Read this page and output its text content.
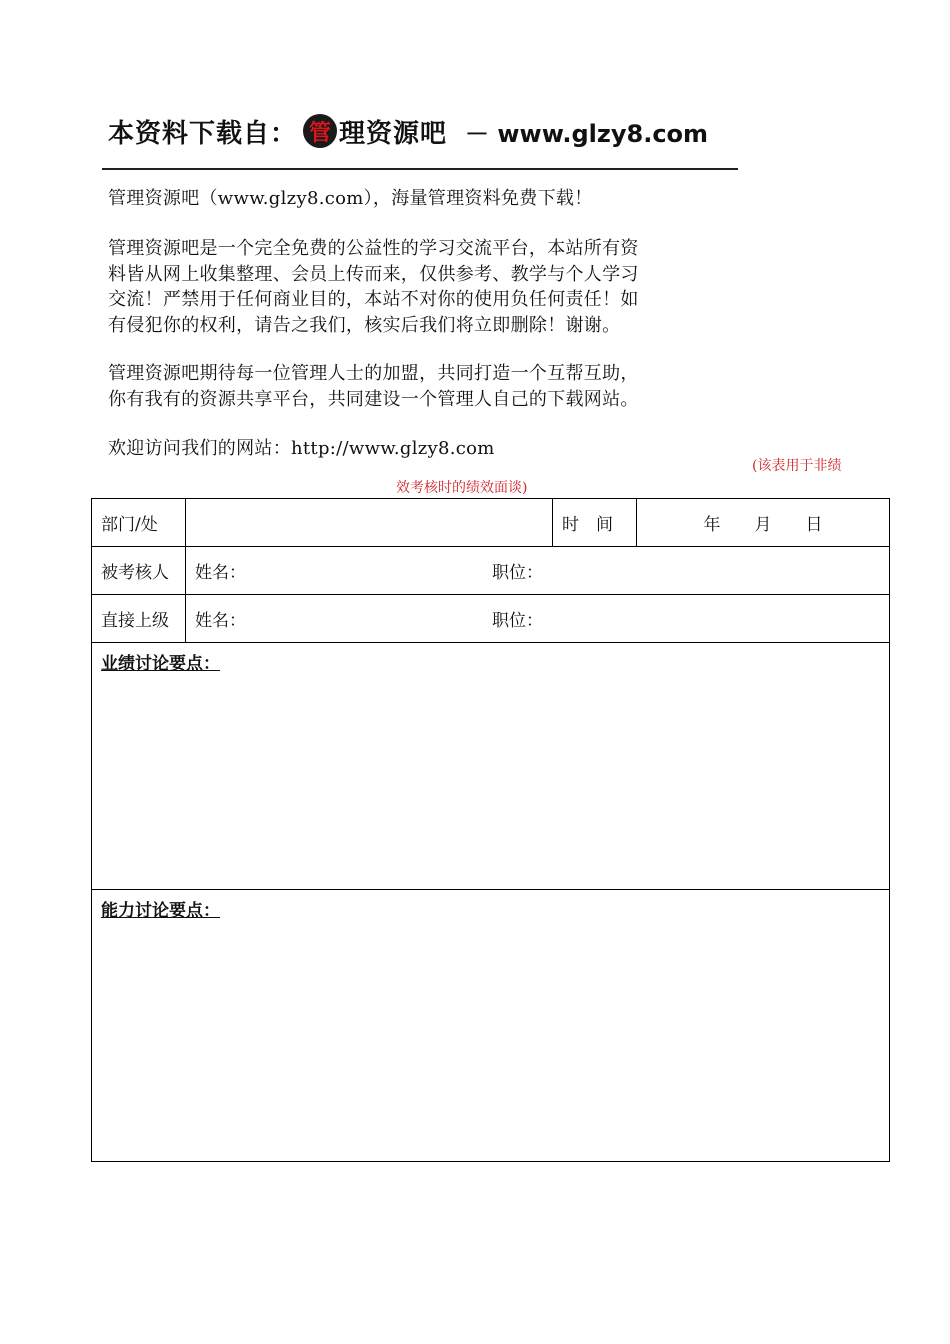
本资料下载自： 管 理资源吧 － www.glzy8.com

管理资源吧（www.glzy8.com），海量管理资料免费下载！

管理资源吧是一个完全免费的公益性的学习交流平台，本站所有资

料皆从网上收集整理、会员上传而来，仅供参考、教学与个人学习

交流！严禁用于任何商业目的，本站不对你的使用负任何责任！如

有侵犯你的权利，请告之我们，核实后我们将立即删除！谢谢。

管理资源吧期待每一位管理人士的加盟，共同打造一个互帮互助，

你有我有的资源共享平台，共同建设一个管理人自己的下载网站。

欢迎访问我们的网站：http://www.glzy8.com

(该表用于非绩
效考核时的绩效面谈)
部门/处		时　间	年　　月　　日
被考核人	姓名： 职位：		
直接上级	姓名： 职位：		
业绩讨论要点：			
能力讨论要点：			
